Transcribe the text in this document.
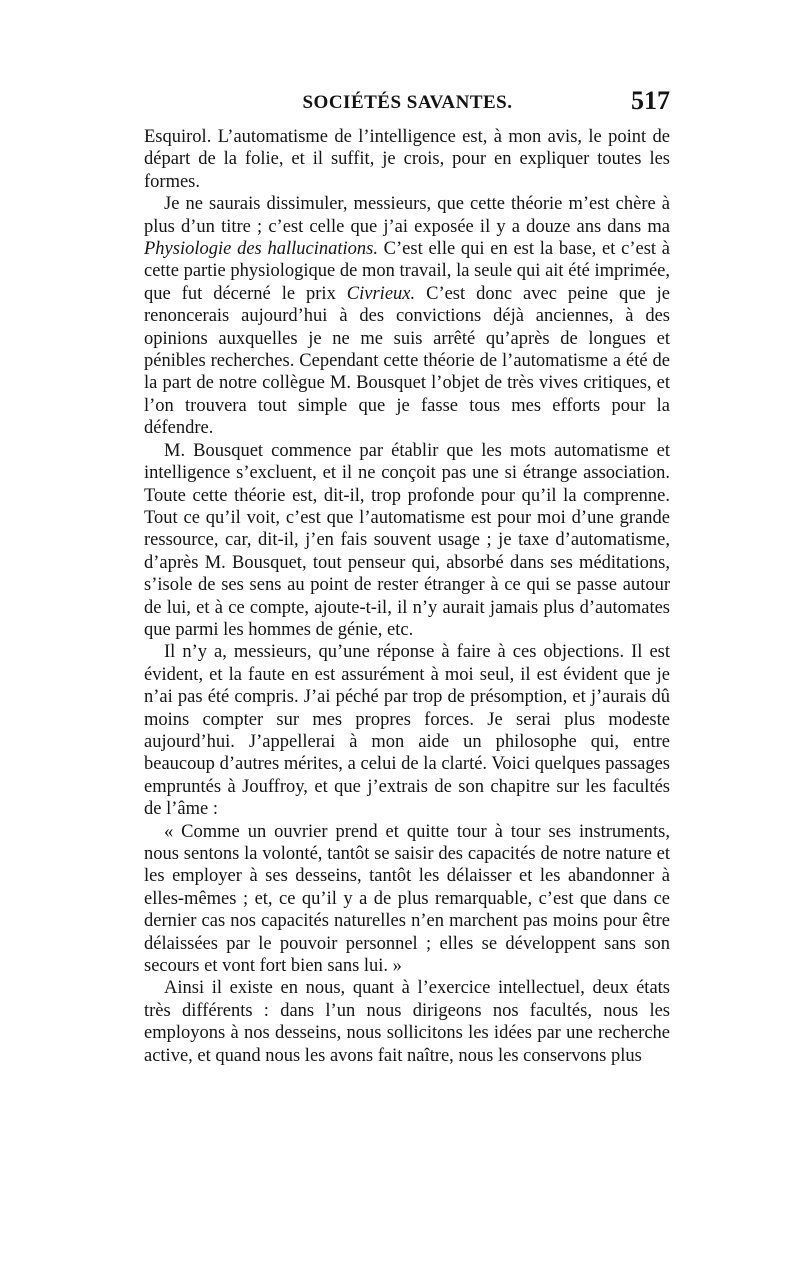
SOCIÉTÉS SAVANTES.	517

Esquirol. L’automatisme de l’intelligence est, à mon avis, le point de départ de la folie, et il suffit, je crois, pour en expliquer toutes les formes.

Je ne saurais dissimuler, messieurs, que cette théorie m’est chère à plus d’un titre ; c’est celle que j’ai exposée il y a douze ans dans ma Physiologie des hallucinations. C’est elle qui en est la base, et c’est à cette partie physiologique de mon travail, la seule qui ait été imprimée, que fut décerné le prix Civrieux. C’est donc avec peine que je renoncerais aujourd’hui à des convictions déjà anciennes, à des opinions auxquelles je ne me suis arrêté qu’après de longues et pénibles recherches. Cependant cette théorie de l’automatisme a été de la part de notre collègue M. Bousquet l’objet de très vives critiques, et l’on trouvera tout simple que je fasse tous mes efforts pour la défendre.

M. Bousquet commence par établir que les mots automatisme et intelligence s’excluent, et il ne conçoit pas une si étrange association. Toute cette théorie est, dit-il, trop profonde pour qu’il la comprenne. Tout ce qu’il voit, c’est que l’automatisme est pour moi d’une grande ressource, car, dit-il, j’en fais souvent usage ; je taxe d’automatisme, d’après M. Bousquet, tout penseur qui, absorbé dans ses méditations, s’isole de ses sens au point de rester étranger à ce qui se passe autour de lui, et à ce compte, ajoute-t-il, il n’y aurait jamais plus d’automates que parmi les hommes de génie, etc.

Il n’y a, messieurs, qu’une réponse à faire à ces objections. Il est évident, et la faute en est assurément à moi seul, il est évident que je n’ai pas été compris. J’ai péché par trop de présomption, et j’aurais dû moins compter sur mes propres forces. Je serai plus modeste aujourd’hui. J’appellerai à mon aide un philosophe qui, entre beaucoup d’autres mérites, a celui de la clarté. Voici quelques passages empruntés à Jouffroy, et que j’extrais de son chapitre sur les facultés de l’âme :

« Comme un ouvrier prend et quitte tour à tour ses instruments, nous sentons la volonté, tantôt se saisir des capacités de notre nature et les employer à ses desseins, tantôt les délaisser et les abandonner à elles-mêmes ; et, ce qu’il y a de plus remarquable, c’est que dans ce dernier cas nos capacités naturelles n’en marchent pas moins pour être délaissées par le pouvoir personnel ; elles se développent sans son secours et vont fort bien sans lui. »

Ainsi il existe en nous, quant à l’exercice intellectuel, deux états très différents : dans l’un nous dirigeons nos facultés, nous les employons à nos desseins, nous sollicitons les idées par une recherche active, et quand nous les avons fait naître, nous les conservons plus
